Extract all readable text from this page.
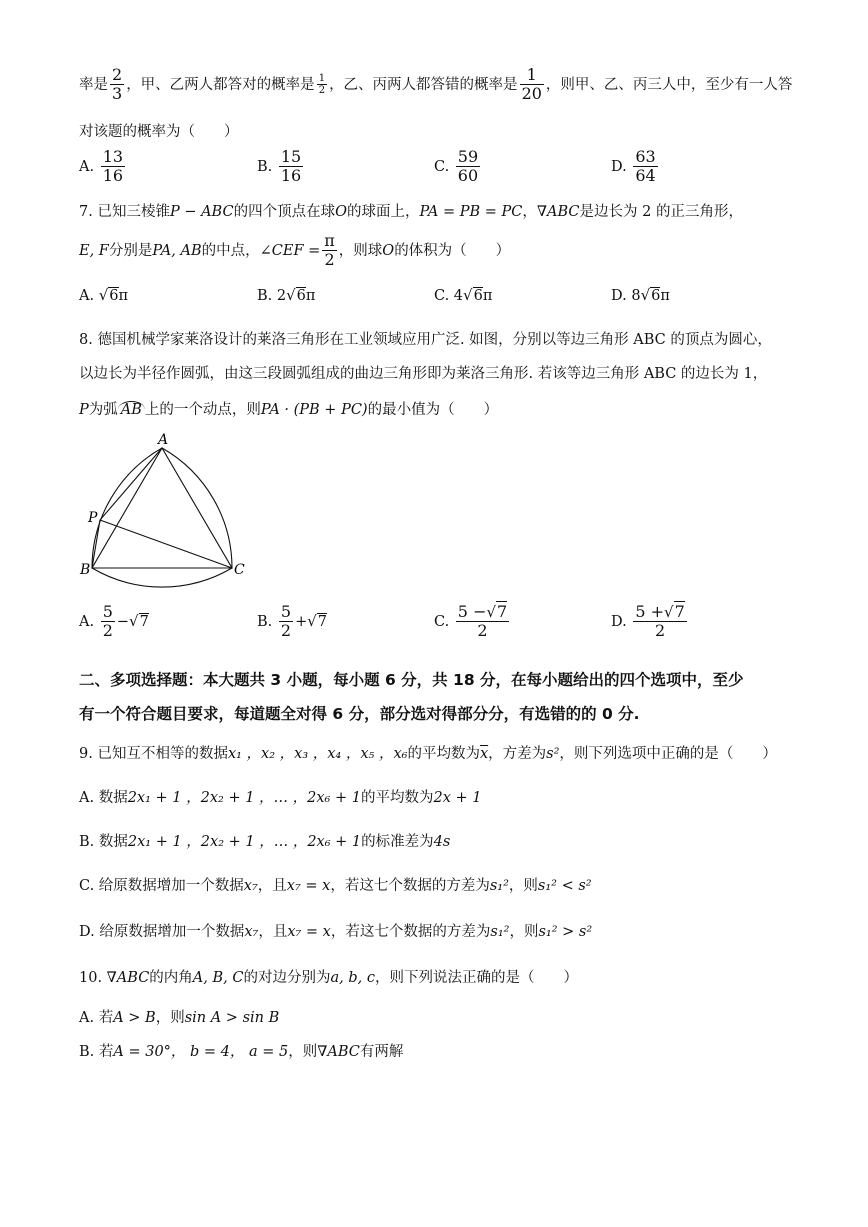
率是 $\frac{2}{3}$ ，甲、乙两人都答对的概率是 $\frac{1}{2}$ ，乙、丙两人都答错的概率是 $\frac{1}{20}$ ，则甲、乙、丙三人中，至少有一人答
对该题的概率为（　　）
A. $\frac{13}{16}$	B. $\frac{15}{16}$	C. $\frac{59}{60}$	D. $\frac{63}{64}$
7. 已知三棱锥P − ABC的四个顶点在球O的球面上，PA = PB = PC，∇ABC是边长为 2 的正三角形，
E, F分别是PA, AB的中点，∠CEF = $\frac{\pi}{2}$ ，则球O的体积为（　　）
A. √6π	B. 2√6π	C. 4√6π	D. 8√6π
8. 德国机械学家莱洛设计的莱洛三角形在工业领域应用广泛. 如图，分别以等边三角形 ABC 的顶点为圆心，
以边长为半径作圆弧，由这三段圆弧组成的曲边三角形即为莱洛三角形. 若该等边三角形 ABC 的边长为 1，
P为弧 AB 上的一个动点，则PA · (PB + PC)的最小值为（　　）
A
B	C
P
A. $\frac{5}{2} -√7$	B. $\frac{5}{2} +√7$	C. $\frac{5 -√7}{2}$	D. $\frac{5 +√7}{2}$
二、多项选择题：本大题共 3 小题，每小题 6 分，共 18 分，在每小题给出的四个选项中，至少
有一个符合题目要求，每道题全对得 6 分，部分选对得部分分，有选错的的 0 分.
9. 已知互不相等的数据x₁ ，x₂ ，x₃ ，x₄ ，x₅ ，x₆的平均数为$\overline{x}$，方差为s²，则下列选项中正确的是（　　）
A. 数据2x₁ + 1 ，2x₂ + 1 ，… ，2x₆ + 1的平均数为2x + 1
B. 数据2x₁ + 1 ，2x₂ + 1 ，… ，2x₆ + 1的标准差为4s
C. 给原数据增加一个数据x₇，且x₇ = x，若这七个数据的方差为s₁²，则s₁² < s²
D. 给原数据增加一个数据x₇，且x₇ = x，若这七个数据的方差为s₁²，则s₁² > s²
10. ∇ABC的内角A, B, C的对边分别为a, b, c，则下列说法正确的是（　　）
A. 若A > B，则sin A > sin B
B. 若A = 30°， b = 4， a = 5，则∇ABC有两解
